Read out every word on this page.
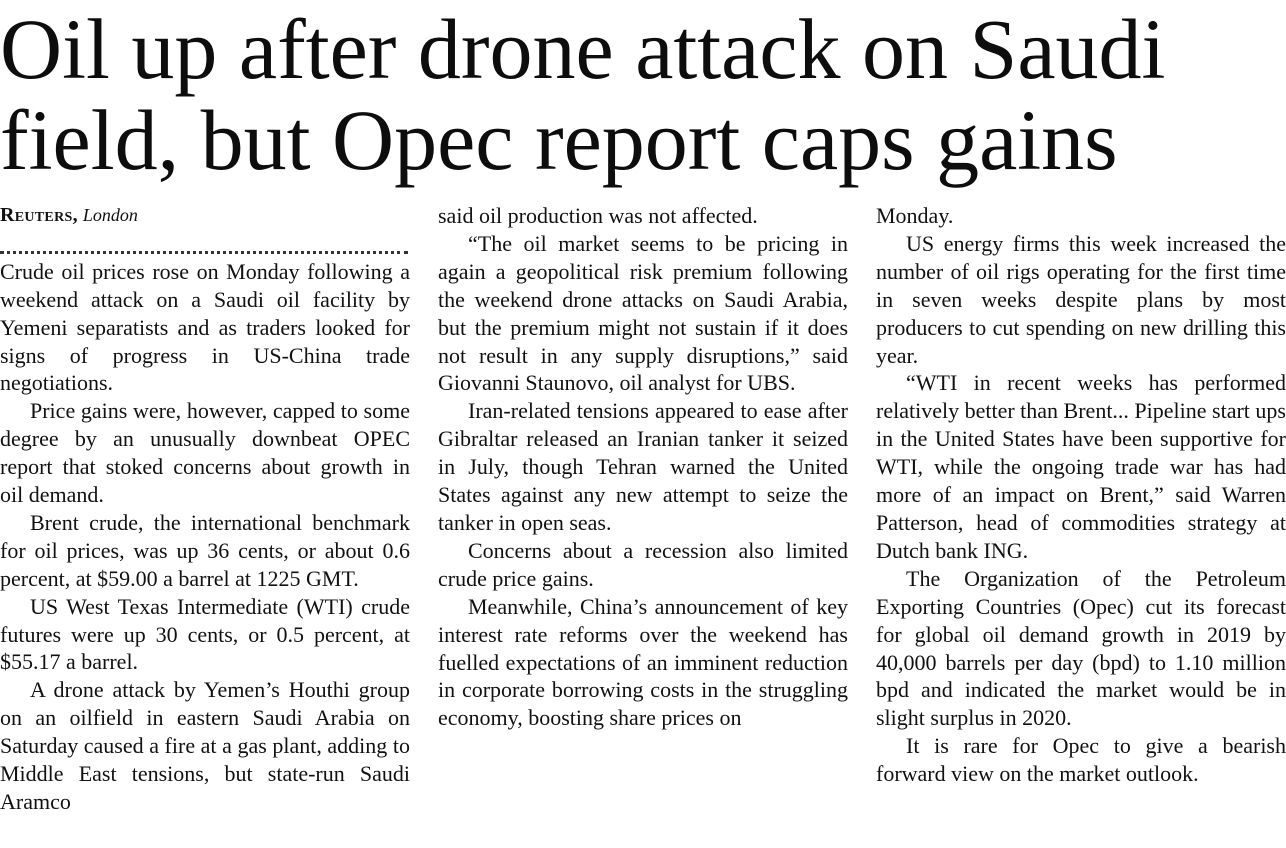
Oil up after drone attack on Saudi
field, but Opec report caps gains
Reuters, London

Crude oil prices rose on Monday following a weekend attack on a Saudi oil facility by Yemeni separatists and as traders looked for signs of progress in US-China trade negotiations.

Price gains were, however, capped to some degree by an unusually downbeat OPEC report that stoked concerns about growth in oil demand.

Brent crude, the international benchmark for oil prices, was up 36 cents, or about 0.6 percent, at $59.00 a barrel at 1225 GMT.

US West Texas Intermediate (WTI) crude futures were up 30 cents, or 0.5 percent, at $55.17 a barrel.

A drone attack by Yemen’s Houthi group on an oilfield in eastern Saudi Arabia on Saturday caused a fire at a gas plant, adding to Middle East tensions, but state-run Saudi Aramco

said oil production was not affected.

“The oil market seems to be pricing in again a geopolitical risk premium following the weekend drone attacks on Saudi Arabia, but the premium might not sustain if it does not result in any supply disruptions,” said Giovanni Staunovo, oil analyst for UBS.

Iran-related tensions appeared to ease after Gibraltar released an Iranian tanker it seized in July, though Tehran warned the United States against any new attempt to seize the tanker in open seas.

Concerns about a recession also limited crude price gains.

Meanwhile, China’s announcement of key interest rate reforms over the weekend has fuelled expectations of an imminent reduction in corporate borrowing costs in the struggling economy, boosting share prices on

Monday.

US energy firms this week increased the number of oil rigs operating for the first time in seven weeks despite plans by most producers to cut spending on new drilling this year.

“WTI in recent weeks has performed relatively better than Brent... Pipeline start ups in the United States have been supportive for WTI, while the ongoing trade war has had more of an impact on Brent,” said Warren Patterson, head of commodities strategy at Dutch bank ING.

The Organization of the Petroleum Exporting Countries (Opec) cut its forecast for global oil demand growth in 2019 by 40,000 barrels per day (bpd) to 1.10 million bpd and indicated the market would be in slight surplus in 2020.

It is rare for Opec to give a bearish forward view on the market outlook.
